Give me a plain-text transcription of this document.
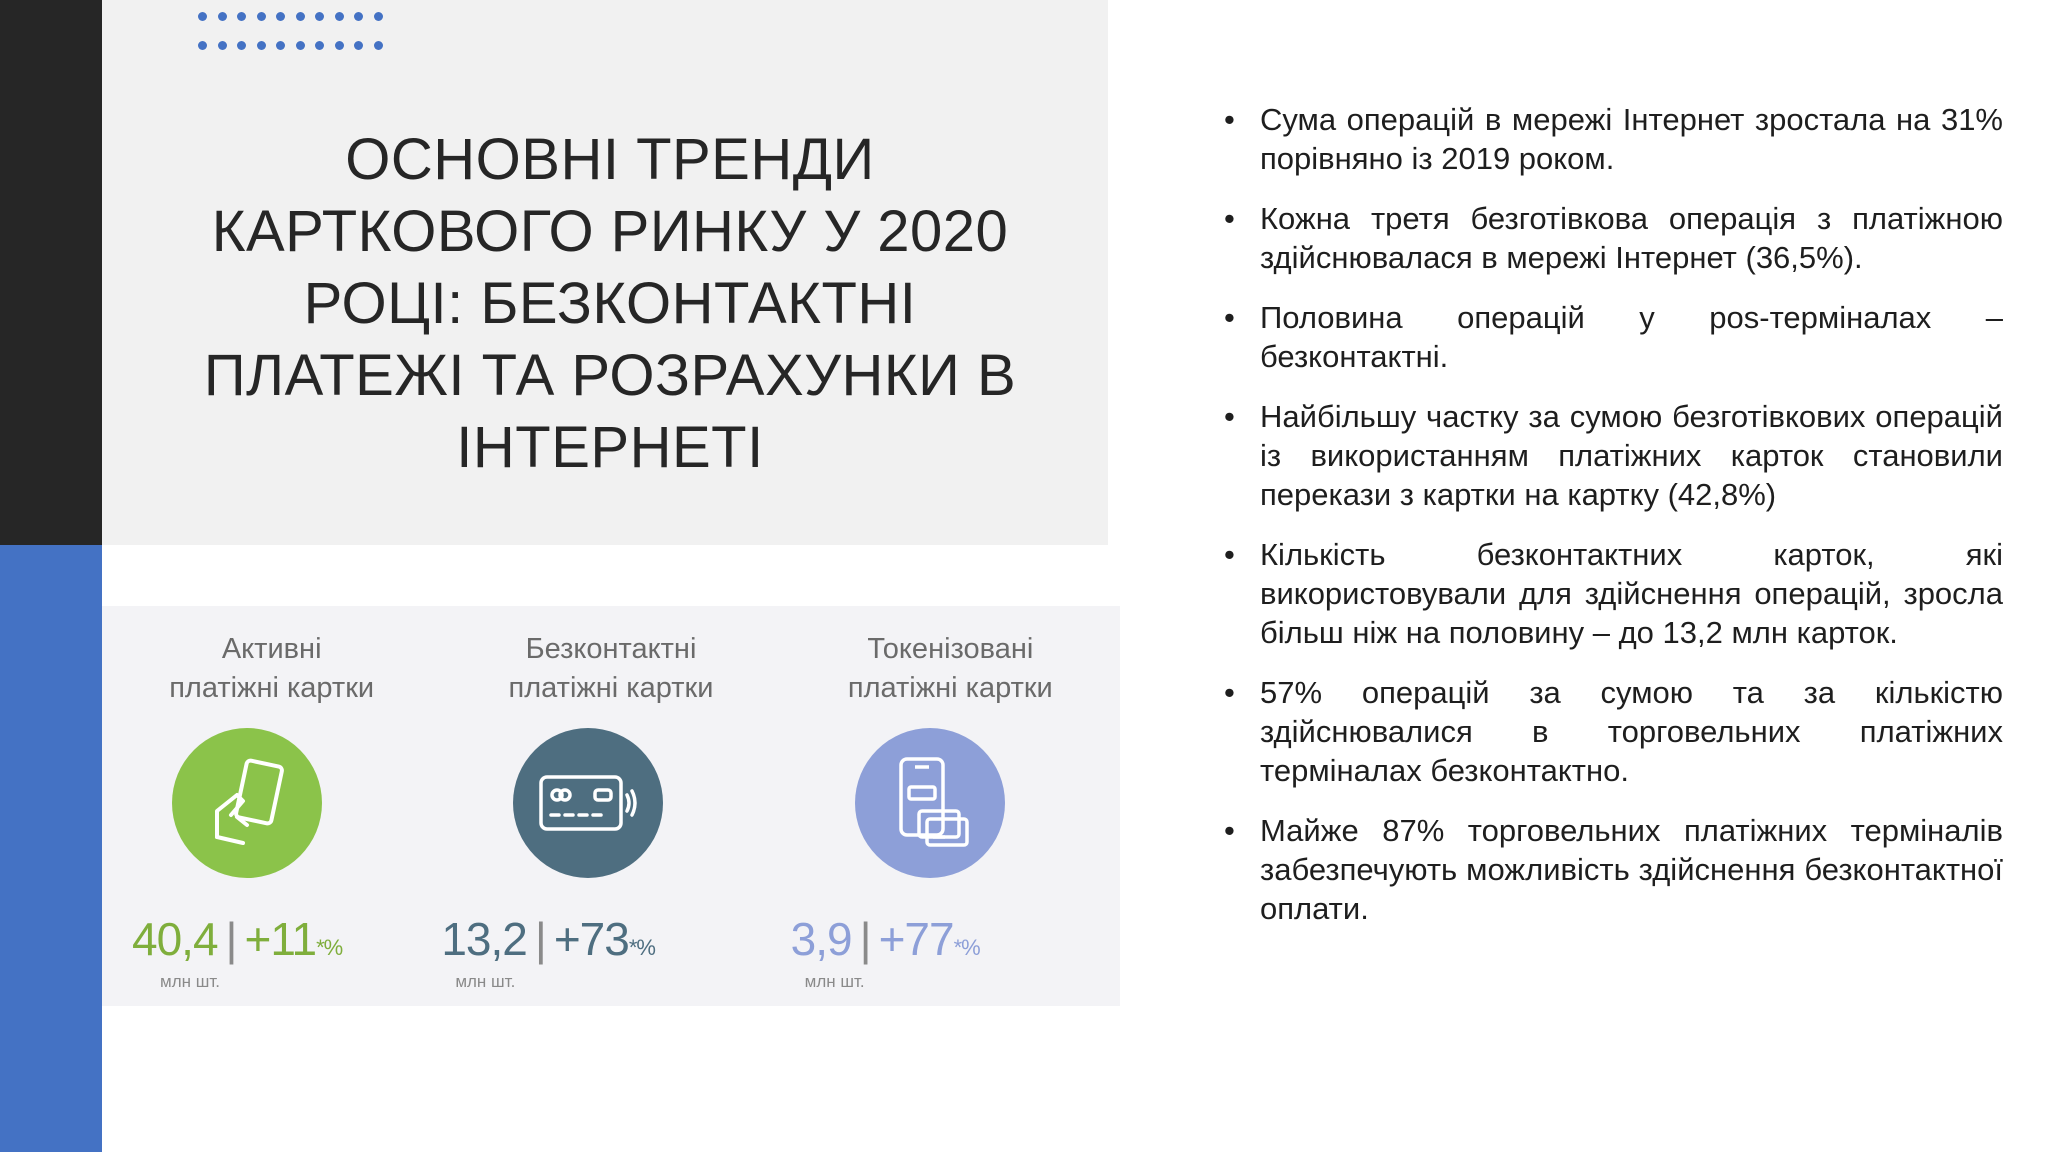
ОСНОВНІ ТРЕНДИ
КАРТКОВОГО РИНКУ У 2020
РОЦІ: БЕЗКОНТАКТНІ
ПЛАТЕЖІ ТА РОЗРАХУНКИ В
ІНТЕРНЕТІ
Активні
платіжні картки
40,4 | +11*%
млн шт.
Безконтактні
платіжні картки
13,2 | +73*%
млн шт.
Токенізовані
платіжні картки
3,9 | +77*%
млн шт.
• Сума операцій в мережі Інтернет зростала на 31% порівняно із 2019 роком.
• Кожна третя безготівкова операція з платіжною здійснювалася в мережі Інтернет (36,5%).
• Половина операцій у pos-терміналах – безконтактні.
• Найбільшу частку за сумою безготівкових операцій із використанням платіжних карток становили перекази з картки на картку (42,8%)
• Кількість безконтактних карток, які використовували для здійснення операцій, зросла більш ніж на половину – до 13,2 млн карток.
• 57% операцій за сумою та за кількістю здійснювалися в торговельних платіжних терміналах безконтактно.
• Майже 87% торговельних платіжних терміналів забезпечують можливість здійснення безконтактної оплати.
